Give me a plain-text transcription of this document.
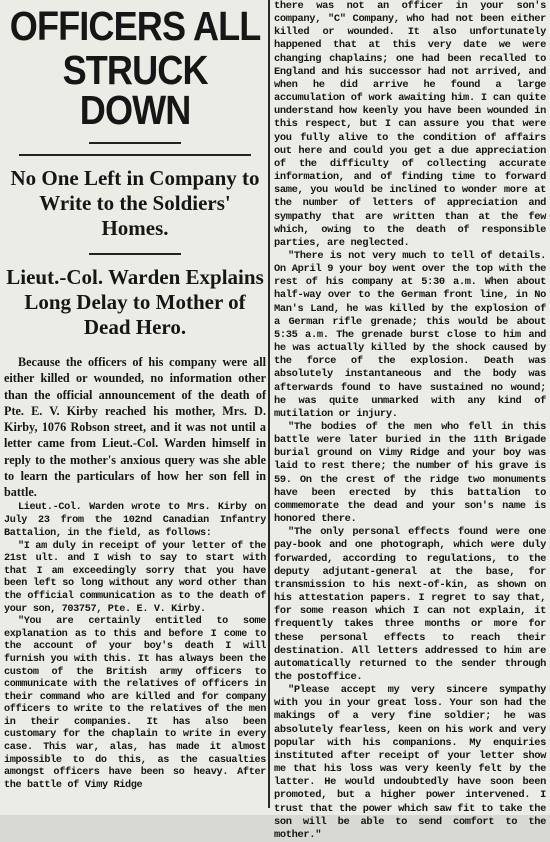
OFFICERS ALL
STRUCK DOWN
No One Left in Company to Write to the Soldiers' Homes.
Lieut.-Col. Warden Explains Long Delay to Mother of Dead Hero.

Because the officers of his company were all either killed or wounded, no information other than the official announcement of the death of Pte. E. V. Kirby reached his mother, Mrs. D. Kirby, 1076 Robson street, and it was not until a letter came from Lieut.-Col. Warden himself in reply to the mother's anxious query was she able to learn the particulars of how her son fell in battle.

Lieut.-Col. Warden wrote to Mrs. Kirby on July 23 from the 102nd Canadian Infantry Battalion, in the field, as follows:

"I am duly in receipt of your letter of the 21st ult. and I wish to say to start with that I am exceedingly sorry that you have been left so long without any word other than the official communication as to the death of your son, 703757, Pte. E. V. Kirby.

"You are certainly entitled to some explanation as to this and before I come to the account of your boy's death I will furnish you with this. It has always been the custom of the British army officers to communicate with the relatives of officers in their command who are killed and for company officers to write to the relatives of the men in their companies. It has also been customary for the chaplain to write in every case. This war, alas, has made it almost impossible to do this, as the casualties amongst officers have been so heavy. After the battle of Vimy Ridge

there was not an officer in your son's company, "C" Company, who had not been either killed or wounded. It also unfortunately happened that at this very date we were changing chaplains; one had been recalled to England and his successor had not arrived, and when he did arrive he found a large accumulation of work awaiting him. I can quite understand how keenly you have been wounded in this respect, but I can assure you that were you fully alive to the condition of affairs out here and could you get a due appreciation of the difficulty of collecting accurate information, and of finding time to forward same, you would be inclined to wonder more at the number of letters of appreciation and sympathy that are written than at the few which, owing to the death of responsible parties, are neglected.

"There is not very much to tell of details. On April 9 your boy went over the top with the rest of his company at 5:30 a.m. When about half-way over to the German front line, in No Man's Land, he was killed by the explosion of a German rifle grenade; this would be about 5:35 a.m. The grenade burst close to him and he was actually killed by the shock caused by the force of the explosion. Death was absolutely instantaneous and the body was afterwards found to have sustained no wound; he was quite unmarked with any kind of mutilation or injury.

"The bodies of the men who fell in this battle were later buried in the 11th Brigade burial ground on Vimy Ridge and your boy was laid to rest there; the number of his grave is 59. On the crest of the ridge two monuments have been erected by this battalion to commemorate the dead and your son's name is honored there.

"The only personal effects found were one pay-book and one photograph, which were duly forwarded, according to regulations, to the deputy adjutant-general at the base, for transmission to his next-of-kin, as shown on his attestation papers. I regret to say that, for some reason which I can not explain, it frequently takes three months or more for these personal effects to reach their destination. All letters addressed to him are automatically returned to the sender through the postoffice.

"Please accept my very sincere sympathy with you in your great loss. Your son had the makings of a very fine soldier; he was absolutely fearless, keen on his work and very popular with his companions. My enquiries instituted after receipt of your letter show me that his loss was very keenly felt by the latter. He would undoubtedly have soon been promoted, but a higher power intervened. I trust that the power which saw fit to take the son will be able to send comfort to the mother."
